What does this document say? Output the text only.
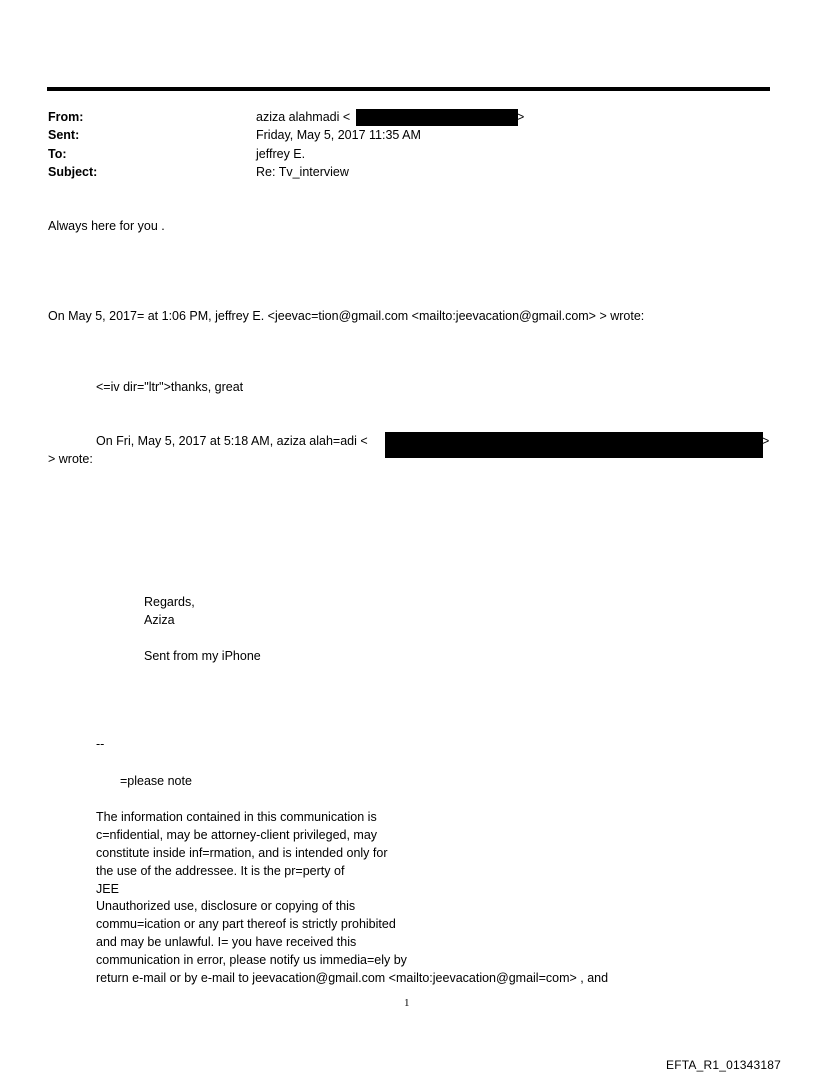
From:	aziza alahmadi <	>
Sent:	Friday, May 5, 2017 11:35 AM
To:	jeffrey E.
Subject:	Re: Tv_interview
Always here for you .
On May 5, 2017= at 1:06 PM, jeffrey E. <jeevac=tion@gmail.com <mailto:jeevacation@gmail.com> > wrote:
<=iv dir="ltr">thanks, great
On Fri, May 5, 2017 at 5:18 AM, aziza alah=adi <	>
> wrote:
Regards,
Aziza
Sent from my iPhone
--
=please note
The information contained in this communication is
c=nfidential, may be attorney-client privileged, may
constitute inside inf=rmation, and is intended only for
the use of the addressee. It is the pr=perty of
JEE
Unauthorized use, disclosure or copying of this
commu=ication or any part thereof is strictly prohibited
and may be unlawful. I= you have received this
communication in error, please notify us immedia=ely by
return e-mail or by e-mail to jeevacation@gmail.com <mailto:jeevacation@gmail=com> , and
1
EFTA_R1_01343187
